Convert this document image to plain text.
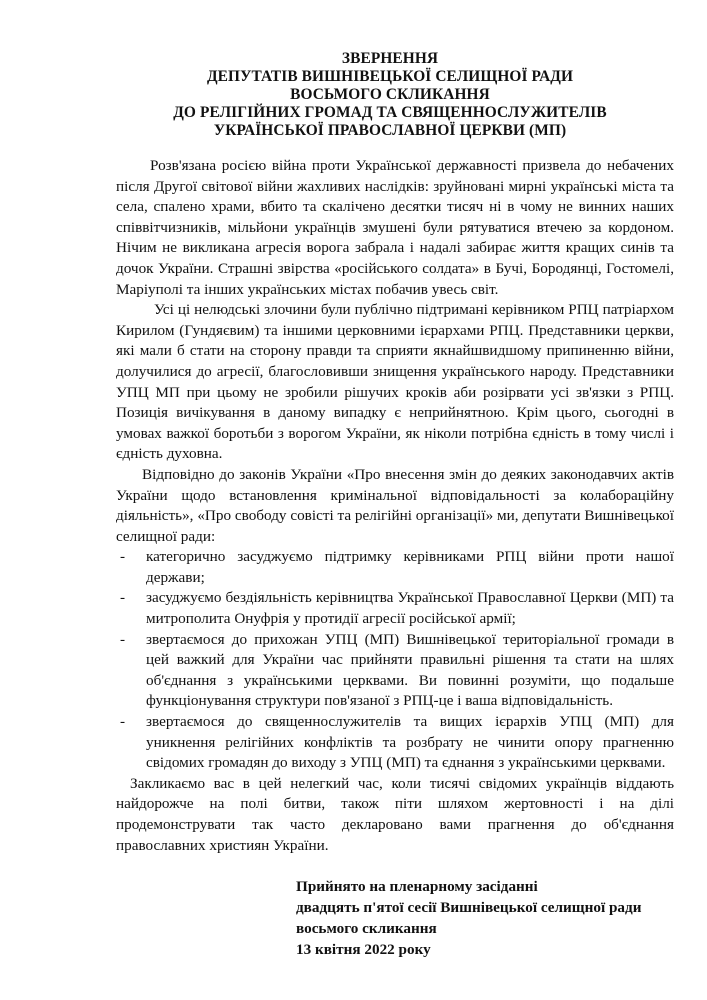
ЗВЕРНЕННЯ
ДЕПУТАТІВ ВИШНІВЕЦЬКОЇ СЕЛИЩНОЇ РАДИ
ВОСЬМОГО СКЛИКАННЯ
ДО РЕЛІГІЙНИХ ГРОМАД ТА СВЯЩЕННОСЛУЖИТЕЛІВ
УКРАЇНСЬКОЇ ПРАВОСЛАВНОЇ ЦЕРКВИ (МП)

Розв'язана росією війна проти Української державності призвела до небачених після Другої світової війни жахливих наслідків: зруйновані мирні українські міста та села, спалено храми, вбито та скалічено десятки тисяч ні в чому не винних наших співвітчизників, мільйони українців змушені були рятуватися втечею за кордоном. Нічим не викликана агресія ворога забрала і надалі забирає життя кращих синів та дочок України. Страшні звірства «російського солдата» в Бучі, Бородянці, Гостомелі, Маріуполі та інших українських містах побачив увесь світ.

Усі ці нелюдські злочини були публічно підтримані керівником РПЦ патріархом Кирилом (Гундяєвим) та іншими церковними ієрархами РПЦ. Представники церкви, які мали б стати на сторону правди та сприяти якнайшвидшому припиненню війни, долучилися до агресії, благословивши знищення українського народу. Представники УПЦ МП при цьому не зробили рішучих кроків аби розірвати усі зв'язки з РПЦ. Позиція вичікування в даному випадку є неприйнятною. Крім цього, сьогодні в умовах важкої боротьби з ворогом України, як ніколи потрібна єдність в тому числі і єдність духовна.

Відповідно до законів України «Про внесення змін до деяких законодавчих актів України щодо встановлення кримінальної відповідальності за колабораційну діяльність», «Про свободу совісті та релігійні організації» ми, депутати Вишнівецької селищної ради:

- категорично засуджуємо підтримку керівниками РПЦ війни проти нашої держави;
- засуджуємо бездіяльність керівництва Української Православної Церкви (МП) та митрополита Онуфрія у протидії агресії російської армії;
- звертаємося до прихожан УПЦ (МП) Вишнівецької територіальної громади в цей важкий для України час прийняти правильні рішення та стати на шлях об'єднання з українськими церквами. Ви повинні розуміти, що подальше функціонування структури пов'язаної з РПЦ-це і ваша відповідальність.
- звертаємося до священнослужителів та вищих ієрархів УПЦ (МП) для уникнення релігійних конфліктів та розбрату не чинити опору прагненню свідомих громадян до виходу з УПЦ (МП) та єднання з українськими церквами.

Закликаємо вас в цей нелегкий час, коли тисячі свідомих українців віддають найдорожче на полі битви, також піти шляхом жертовності і на ділі продемонструвати так часто декларовано вами прагнення до об'єднання православних християн України.

Прийнято на пленарному засіданні
двадцять п'ятої сесії Вишнівецької селищної ради
восьмого скликання
13 квітня 2022 року
